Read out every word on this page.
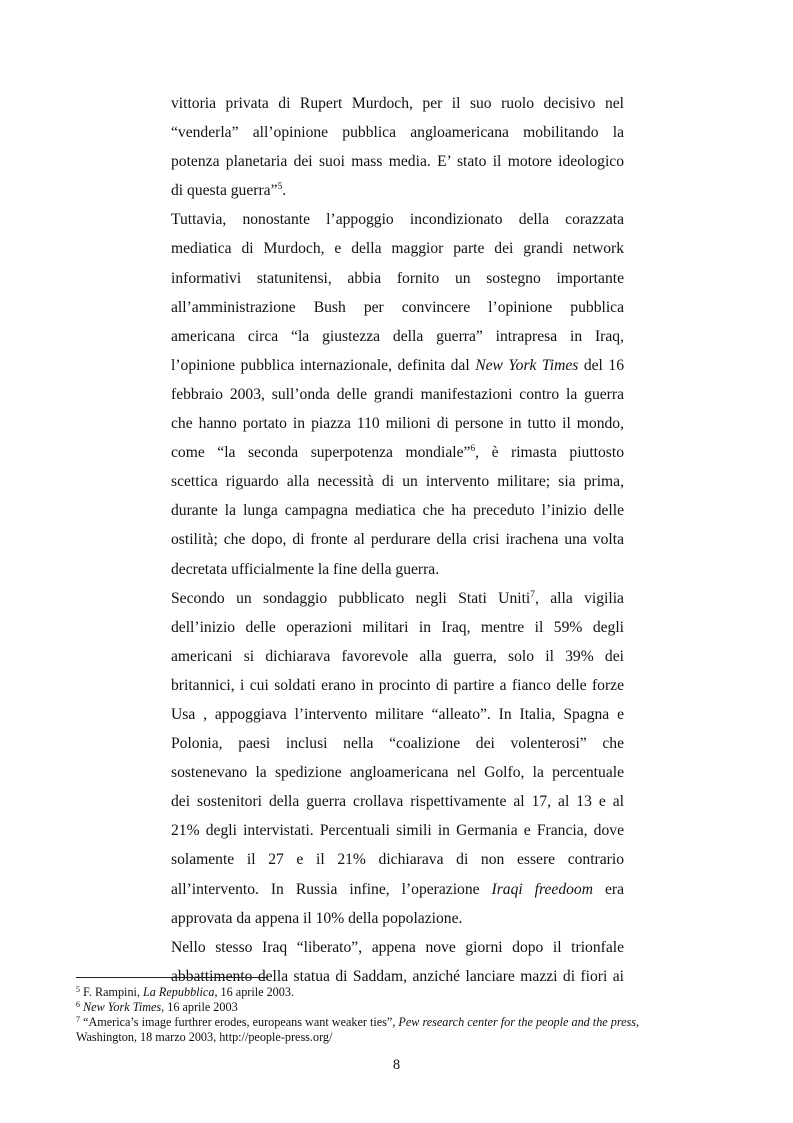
vittoria privata di Rupert Murdoch, per il suo ruolo decisivo nel
“venderla” all’opinione pubblica angloamericana mobilitando la
potenza planetaria dei suoi mass media. E’ stato il motore ideologico
di questa guerra”$^5$.
Tuttavia, nonostante l’appoggio incondizionato della corazzata
mediatica di Murdoch, e della maggior parte dei grandi network
informativi statunitensi, abbia fornito un sostegno importante
all’amministrazione Bush per convincere l’opinione pubblica
americana circa “la giustezza della guerra” intrapresa in Iraq,
l’opinione pubblica internazionale, definita dal New York Times del 16
febbraio 2003, sull’onda delle grandi manifestazioni contro la guerra
che hanno portato in piazza 110 milioni di persone in tutto il mondo,
come “la seconda superpotenza mondiale”$^6$, è rimasta piuttosto
scettica riguardo alla necessità di un intervento militare; sia prima,
durante la lunga campagna mediatica che ha preceduto l’inizio delle
ostilità; che dopo, di fronte al perdurare della crisi irachena una volta
decretata ufficialmente la fine della guerra.
Secondo un sondaggio pubblicato negli Stati Uniti$^7$, alla vigilia
dell’inizio delle operazioni militari in Iraq, mentre il 59% degli
americani si dichiarava favorevole alla guerra, solo il 39% dei
britannici, i cui soldati erano in procinto di partire a fianco delle forze
Usa , appoggiava l’intervento militare “alleato”. In Italia, Spagna e
Polonia, paesi inclusi nella “coalizione dei volenterosi” che
sostenevano la spedizione angloamericana nel Golfo, la percentuale
dei sostenitori della guerra crollava rispettivamente al 17, al 13 e al
21% degli intervistati. Percentuali simili in Germania e Francia, dove
solamente il 27 e il 21% dichiarava di non essere contrario
all’intervento. In Russia infine, l’operazione Iraqi freedoom era
approvata da appena il 10% della popolazione.
Nello stesso Iraq “liberato”, appena nove giorni dopo il trionfale
abbattimento della statua di Saddam, anziché lanciare mazzi di fiori ai
$^5$ F. Rampini, La Repubblica, 16 aprile 2003.
$^6$ New York Times, 16 aprile 2003
$^7$ “America’s image furthrer erodes, europeans want weaker ties”, Pew research center for the people and the press,
Washington, 18 marzo 2003, http://people-press.org/
8
